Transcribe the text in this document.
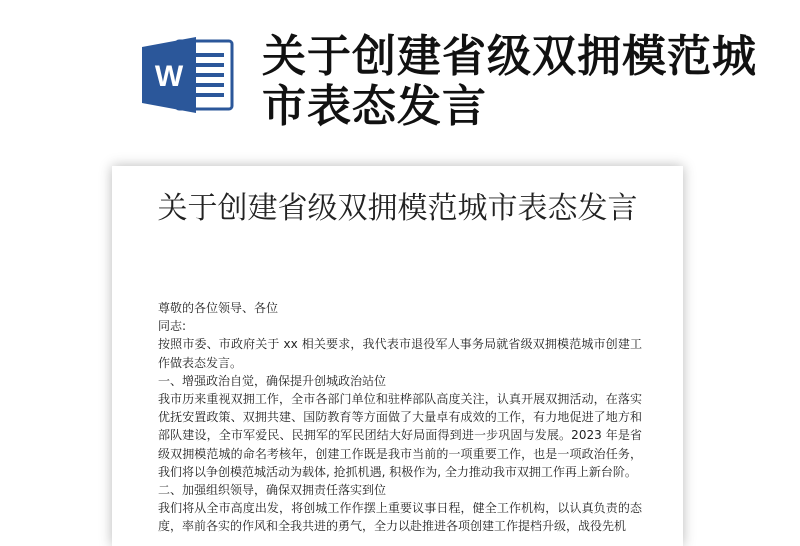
W 关于创建省级双拥模范城市表态发言
关于创建省级双拥模范城市表态发言

尊敬的各位领导、各位

同志:

按照市委、市政府关于 xx 相关要求，我代表市退役军人事务局就省级双拥模范城市创建工作做表态发言。

一、增强政治自觉，确保提升创城政治站位

我市历来重视双拥工作，全市各部门单位和驻桦部队高度关注，认真开展双拥活动，在落实优抚安置政策、双拥共建、国防教育等方面做了大量卓有成效的工作，有力地促进了地方和部队建设，全市军爱民、民拥军的军民团结大好局面得到进一步巩固与发展。2023 年是省级双拥模范城的命名考核年，创建工作既是我市当前的一项重要工作，也是一项政治任务，我们将以争创模范城活动为载体, 抢抓机遇, 积极作为, 全力推动我市双拥工作再上新台阶。

二、加强组织领导，确保双拥责任落实到位

我们将从全市高度出发，将创城工作作摆上重要议事日程，健全工作机构，以认真负责的态度，率前各实的作风和全我共进的勇气，全力以赴推进各项创建工作提档升级，战役先机
